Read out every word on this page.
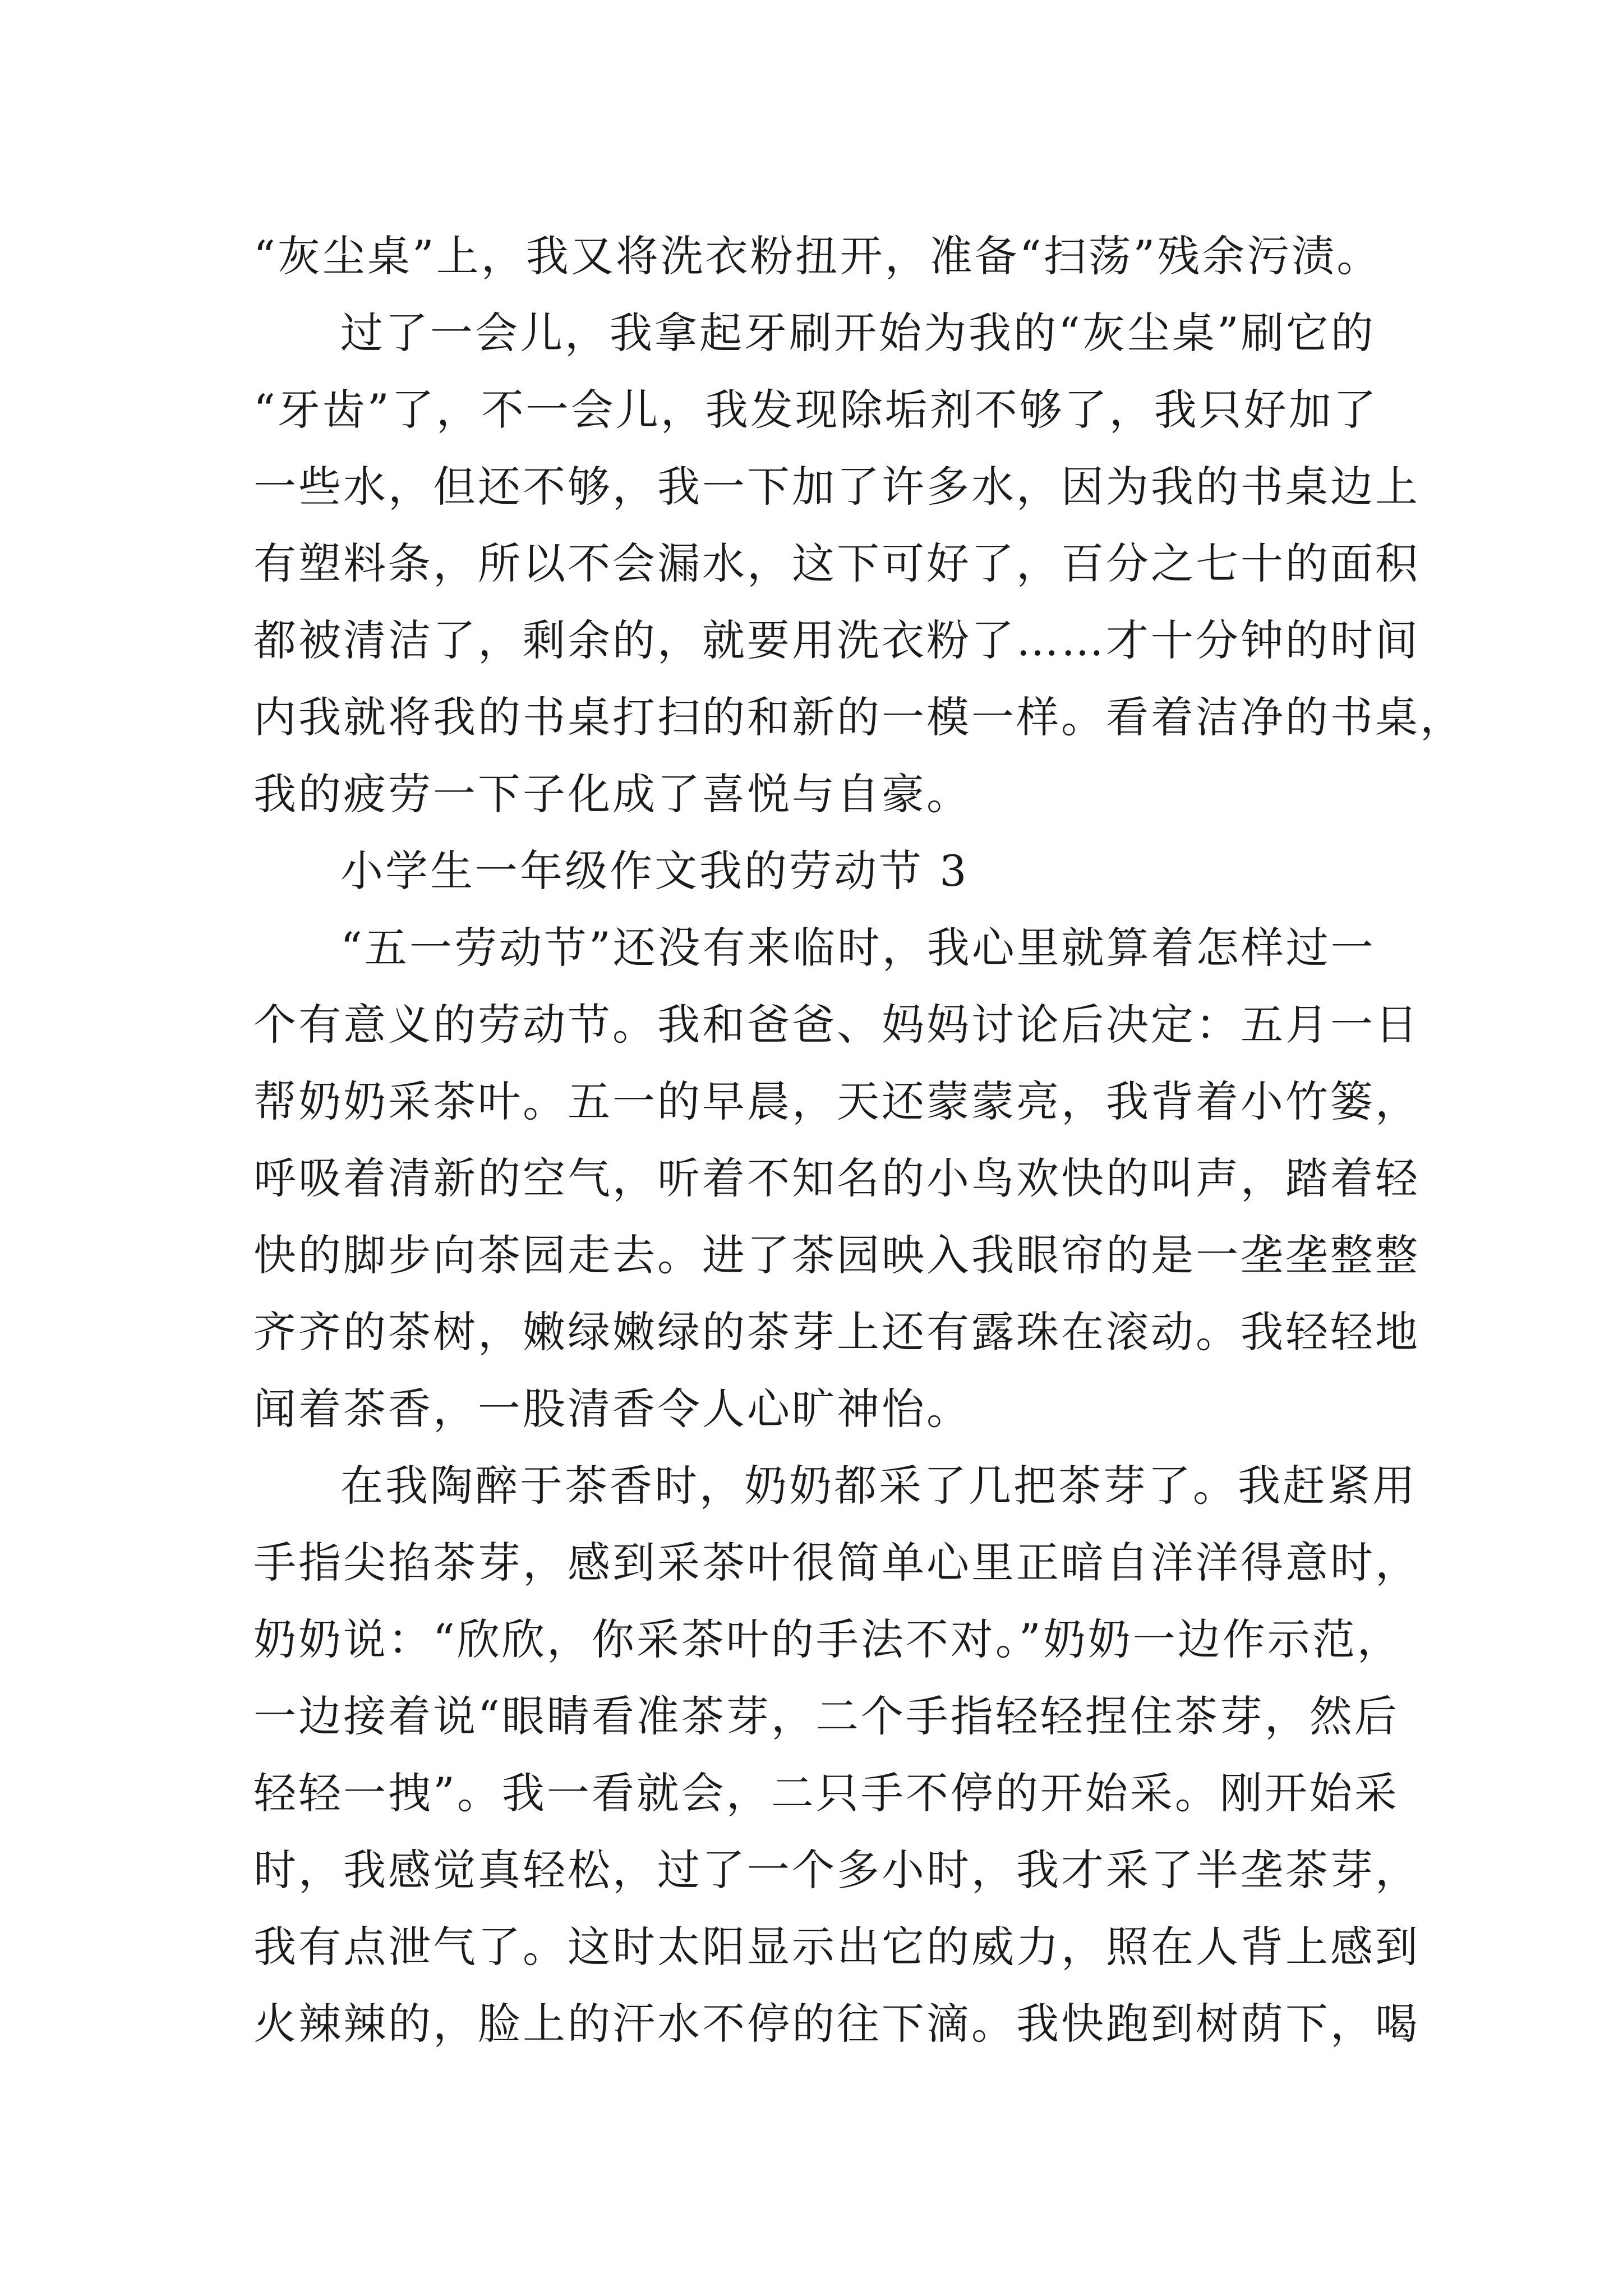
“灰尘桌”上，我又将洗衣粉扭开，准备“扫荡”残余污渍。
过了一会儿，我拿起牙刷开始为我的“灰尘桌”刷它的
“牙齿”了，不一会儿，我发现除垢剂不够了，我只好加了
一些水，但还不够，我一下加了许多水，因为我的书桌边上
有塑料条，所以不会漏水，这下可好了，百分之七十的面积
都被清洁了，剩余的，就要用洗衣粉了……才十分钟的时间
内我就将我的书桌打扫的和新的一模一样。看着洁净的书桌，
我的疲劳一下子化成了喜悦与自豪。
小学生一年级作文我的劳动节 3
“五一劳动节”还没有来临时，我心里就算着怎样过一
个有意义的劳动节。我和爸爸、妈妈讨论后决定：五月一日
帮奶奶采茶叶。五一的早晨，天还蒙蒙亮，我背着小竹篓，
呼吸着清新的空气，听着不知名的小鸟欢快的叫声，踏着轻
快的脚步向茶园走去。进了茶园映入我眼帘的是一垄垄整整
齐齐的茶树，嫩绿嫩绿的茶芽上还有露珠在滚动。我轻轻地
闻着茶香，一股清香令人心旷神怡。
在我陶醉于茶香时，奶奶都采了几把茶芽了。我赶紧用
手指尖掐茶芽，感到采茶叶很简单心里正暗自洋洋得意时，
奶奶说：“欣欣，你采茶叶的手法不对。”奶奶一边作示范，
一边接着说“眼睛看准茶芽，二个手指轻轻捏住茶芽，然后
轻轻一拽”。我一看就会，二只手不停的开始采。刚开始采
时，我感觉真轻松，过了一个多小时，我才采了半垄茶芽，
我有点泄气了。这时太阳显示出它的威力，照在人背上感到
火辣辣的，脸上的汗水不停的往下滴。我快跑到树荫下，喝
